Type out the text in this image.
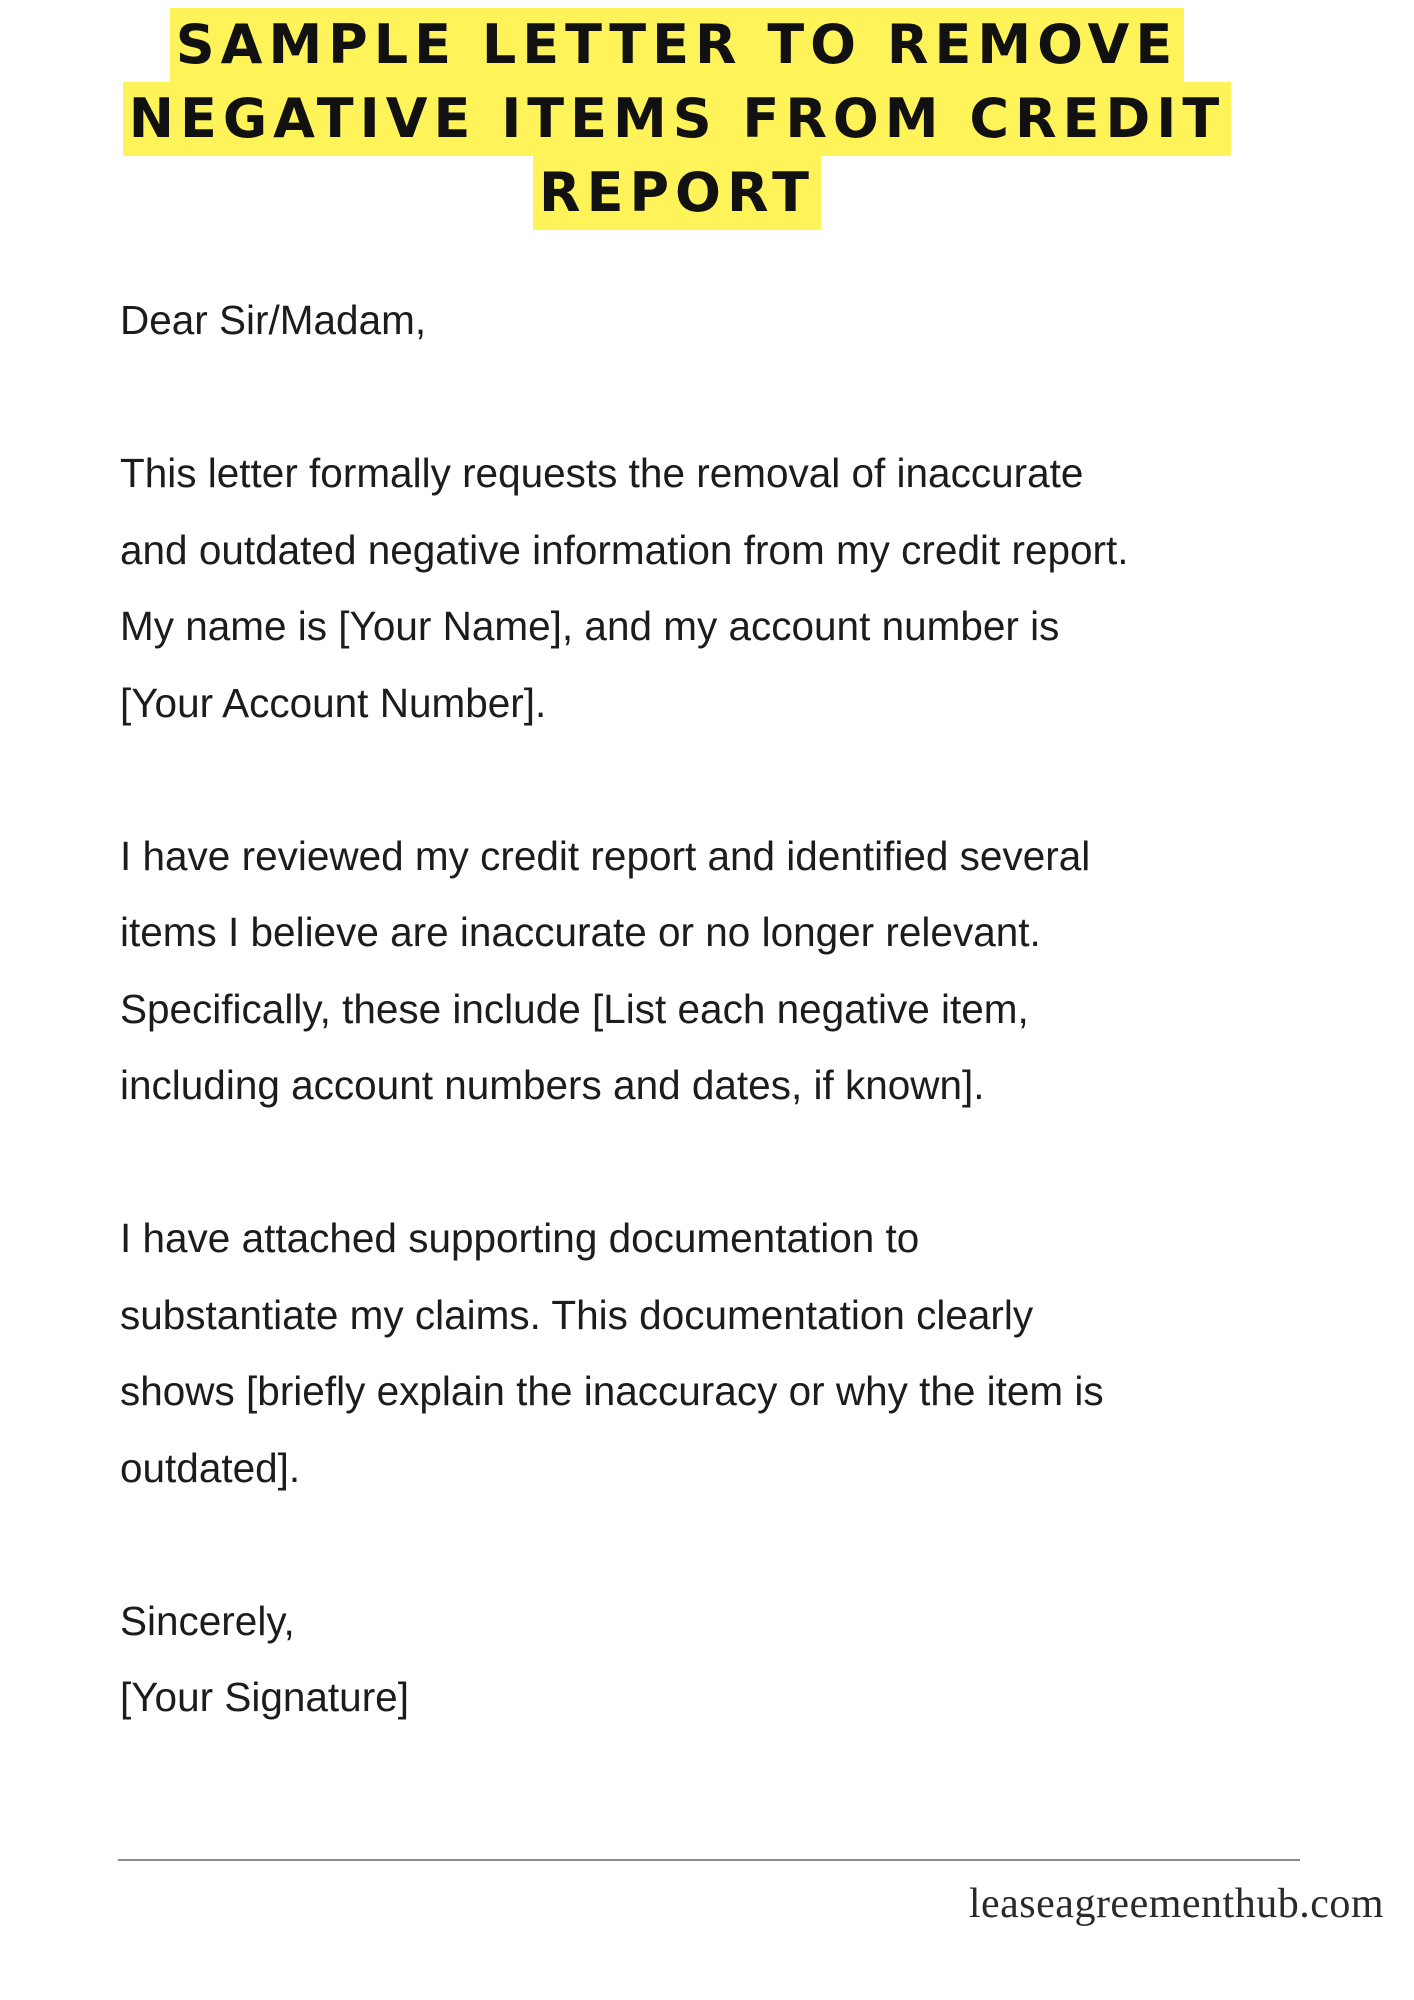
SAMPLE LETTER TO REMOVE
NEGATIVE ITEMS FROM CREDIT
REPORT

Dear Sir/Madam,

This letter formally requests the removal of inaccurate
and outdated negative information from my credit report.
My name is [Your Name], and my account number is
[Your Account Number].

I have reviewed my credit report and identified several
items I believe are inaccurate or no longer relevant.
Specifically, these include [List each negative item,
including account numbers and dates, if known].

I have attached supporting documentation to
substantiate my claims. This documentation clearly
shows [briefly explain the inaccuracy or why the item is
outdated].

Sincerely,
[Your Signature]
leaseagreementhub.com
